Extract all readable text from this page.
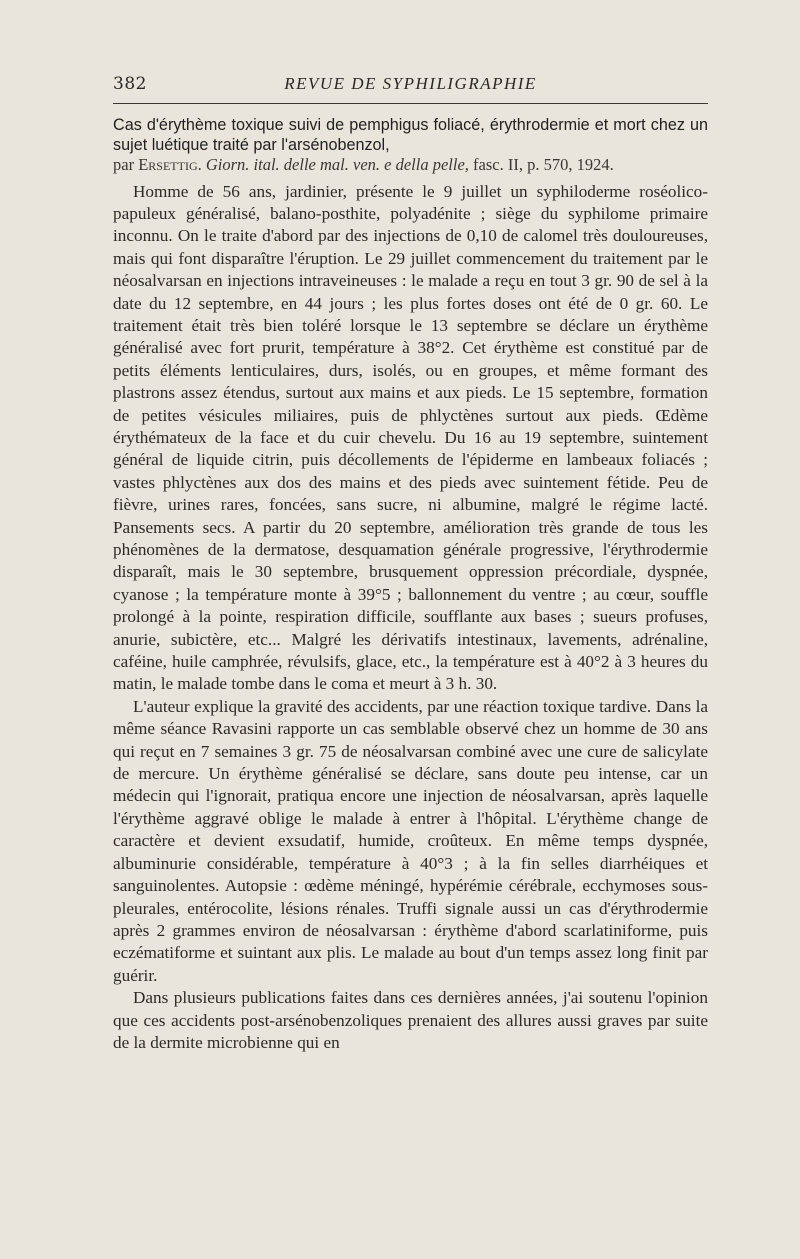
382	REVUE DE SYPHILIGRAPHIE

Cas d'érythème toxique suivi de pemphigus foliacé, érythrodermie et mort chez un sujet luétique traité par l'arsénobenzol,

par Ersettig. Giorn. ital. delle mal. ven. e della pelle, fasc. II, p. 570, 1924.

Homme de 56 ans, jardinier, présente le 9 juillet un syphiloderme roséolico-papuleux généralisé, balano-posthite, polyadénite ; siège du syphilome primaire inconnu. On le traite d'abord par des injections de 0,10 de calomel très douloureuses, mais qui font disparaître l'éruption. Le 29 juillet commencement du traitement par le néosalvarsan en injections intraveineuses : le malade a reçu en tout 3 gr. 90 de sel à la date du 12 septembre, en 44 jours ; les plus fortes doses ont été de 0 gr. 60. Le traitement était très bien toléré lorsque le 13 septembre se déclare un érythème généralisé avec fort prurit, température à 38°2. Cet érythème est constitué par de petits éléments lenticulaires, durs, isolés, ou en groupes, et même formant des plastrons assez étendus, surtout aux mains et aux pieds. Le 15 septembre, formation de petites vésicules miliaires, puis de phlyctènes surtout aux pieds. Œdème érythémateux de la face et du cuir chevelu. Du 16 au 19 septembre, suintement général de liquide citrin, puis décollements de l'épiderme en lambeaux foliacés ; vastes phlyctènes aux dos des mains et des pieds avec suintement fétide. Peu de fièvre, urines rares, foncées, sans sucre, ni albumine, malgré le régime lacté. Pansements secs. A partir du 20 septembre, amélioration très grande de tous les phénomènes de la dermatose, desquamation générale progressive, l'érythrodermie disparaît, mais le 30 septembre, brusquement oppression précordiale, dyspnée, cyanose ; la température monte à 39°5 ; ballonnement du ventre ; au cœur, souffle prolongé à la pointe, respiration difficile, soufflante aux bases ; sueurs profuses, anurie, subictère, etc... Malgré les dérivatifs intestinaux, lavements, adrénaline, caféine, huile camphrée, révulsifs, glace, etc., la température est à 40°2 à 3 heures du matin, le malade tombe dans le coma et meurt à 3 h. 30.

L'auteur explique la gravité des accidents, par une réaction toxique tardive. Dans la même séance Ravasini rapporte un cas semblable observé chez un homme de 30 ans qui reçut en 7 semaines 3 gr. 75 de néosalvarsan combiné avec une cure de salicylate de mercure. Un érythème généralisé se déclare, sans doute peu intense, car un médecin qui l'ignorait, pratiqua encore une injection de néosalvarsan, après laquelle l'érythème aggravé oblige le malade à entrer à l'hôpital. L'érythème change de caractère et devient exsudatif, humide, croûteux. En même temps dyspnée, albuminurie considérable, température à 40°3 ; à la fin selles diarrhéiques et sanguinolentes. Autopsie : œdème méningé, hypérémie cérébrale, ecchymoses sous-pleurales, entérocolite, lésions rénales. Truffi signale aussi un cas d'érythrodermie après 2 grammes environ de néosalvarsan : érythème d'abord scarlatiniforme, puis eczématiforme et suintant aux plis. Le malade au bout d'un temps assez long finit par guérir.

Dans plusieurs publications faites dans ces dernières années, j'ai soutenu l'opinion que ces accidents post-arsénobenzoliques prenaient des allures aussi graves par suite de la dermite microbienne qui en
